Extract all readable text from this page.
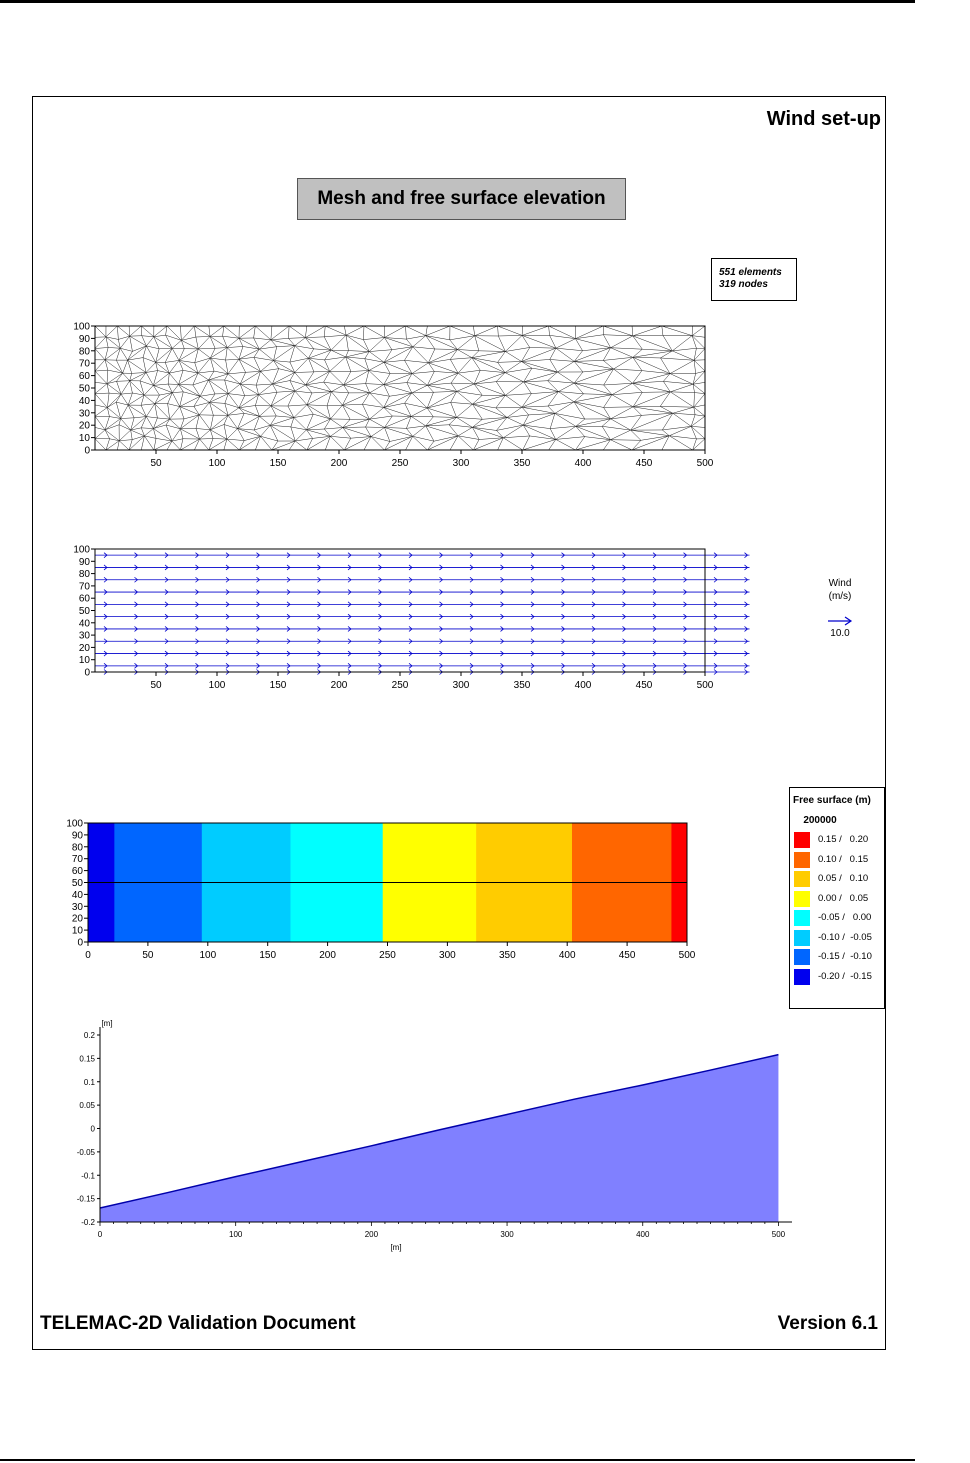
Wind set-up
Mesh and free surface elevation
551 elements
319 nodes
0
10
20
30
40
50
60
70
80
90
100
50	100	150	200	250	300	350	400	450	500
0
10
20
30
40
50
60
70
80
90
100
50	100	150	200	250	300	350	400	450	500
0
10
20
30
40
50
60
70
80
90
100
0	50	100	150	200	250	300	350	400	450	500
0.2
0.15
0.1
0.05
0
-0.05
-0.1
-0.15
-0.2
0	100	200	300	400	500
[m]
[m]
Wind
(m/s)
10.0
Free surface (m)
200000
0.15 /   0.20
0.10 /   0.15
0.05 /   0.10
0.00 /   0.05
-0.05 /   0.00
-0.10 /  -0.05
-0.15 /  -0.10
-0.20 /  -0.15
TELEMAC-2D Validation Document	Version 6.1
